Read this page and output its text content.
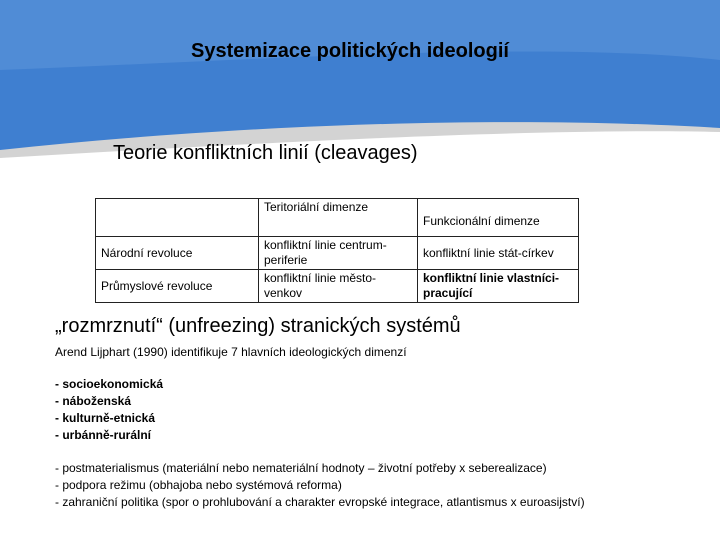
Systemizace politických ideologií
Teorie konfliktních linií (cleavages)
	Teritoriální dimenze	Funkcionální dimenze
Národní revoluce	konfliktní linie centrum-periferie	konfliktní linie stát-církev
Průmyslové revoluce	konfliktní linie město-venkov	konfliktní linie vlastníci-pracující
„rozmrznutí“ (unfreezing) stranických systémů
Arend Lijphart (1990) identifikuje 7 hlavních ideologických dimenzí
- socioekonomická
- náboženská
- kulturně-etnická
- urbánně-rurální
- postmaterialismus (materiální nebo nemateriální hodnoty – životní potřeby x seberealizace)
- podpora režimu (obhajoba nebo systémová reforma)
- zahraniční politika (spor o prohlubování a charakter evropské integrace, atlantismus x euroasijství)
